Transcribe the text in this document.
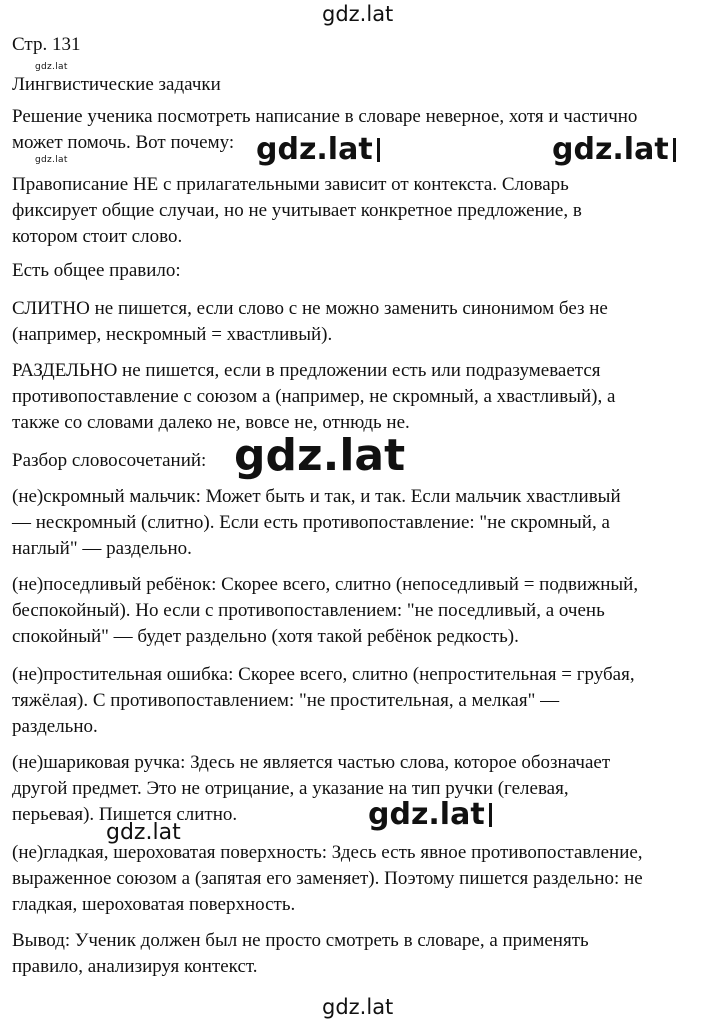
gdz.lat
gdz.lat
gdz.lat	gdz.lat	gdz.lat
gdz.lat
gdz.lat
gdz.lat
gdz.lat
Стр. 131
Лингвистические задачки
Решение ученика посмотреть написание в словаре неверное, хотя и частично
может помочь. Вот почему:
Правописание НЕ с прилагательными зависит от контекста. Словарь
фиксирует общие случаи, но не учитывает конкретное предложение, в
котором стоит слово.
Есть общее правило:
СЛИТНО не пишется, если слово с не можно заменить синонимом без не
(например, нескромный = хвастливый).
РАЗДЕЛЬНО не пишется, если в предложении есть или подразумевается
противопоставление с союзом а (например, не скромный, а хвастливый), а
также со словами далеко не, вовсе не, отнюдь не.
Разбор словосочетаний:
(не)скромный мальчик: Может быть и так, и так. Если мальчик хвастливый
— нескромный (слитно). Если есть противопоставление: "не скромный, а
наглый" — раздельно.
(не)поседливый ребёнок: Скорее всего, слитно (непоседливый = подвижный,
беспокойный). Но если с противопоставлением: "не поседливый, а очень
спокойный" — будет раздельно (хотя такой ребёнок редкость).
(не)простительная ошибка: Скорее всего, слитно (непростительная = грубая,
тяжёлая). С противопоставлением: "не простительная, а мелкая" —
раздельно.
(не)шариковая ручка: Здесь не является частью слова, которое обозначает
другой предмет. Это не отрицание, а указание на тип ручки (гелевая,
перьевая). Пишется слитно.
(не)гладкая, шероховатая поверхность: Здесь есть явное противопоставление,
выраженное союзом а (запятая его заменяет). Поэтому пишется раздельно: не
гладкая, шероховатая поверхность.
Вывод: Ученик должен был не просто смотреть в словаре, а применять
правило, анализируя контекст.
